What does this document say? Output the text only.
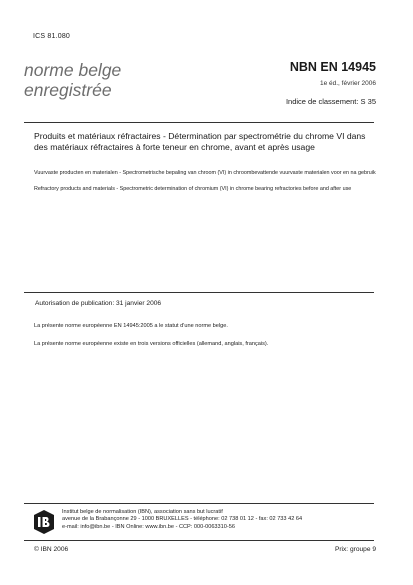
ICS 81.080
norme belge
enregistrée
NBN EN 14945
1e éd., février 2006
Indice de classement: S 35
Produits et matériaux réfractaires - Détermination par spectrométrie du chrome VI dans des matériaux réfractaires à forte teneur en chrome, avant et après usage
Vuurvaste producten en materialen - Spectrometrische bepaling van chroom (VI) in chroombevattende vuurvaste materialen voor en na gebruik
Refractory products and materials - Spectrometric determination of chromium (VI) in chrome bearing refractories before and after use
Autorisation de publication: 31 janvier 2006
La présente norme européenne EN 14945:2005 a le statut d'une norme belge.
La présente norme européenne existe en trois versions officielles (allemand, anglais, français).
Institut belge de normalisation (IBN), association sans but lucratif
avenue de la Brabançonne 29 - 1000 BRUXELLES - téléphone: 02 738 01 12 - fax: 02 733 42 64
e-mail: info@ibn.be - IBN Online: www.ibn.be - CCP: 000-0063310-56
© IBN 2006	Prix: groupe 9
